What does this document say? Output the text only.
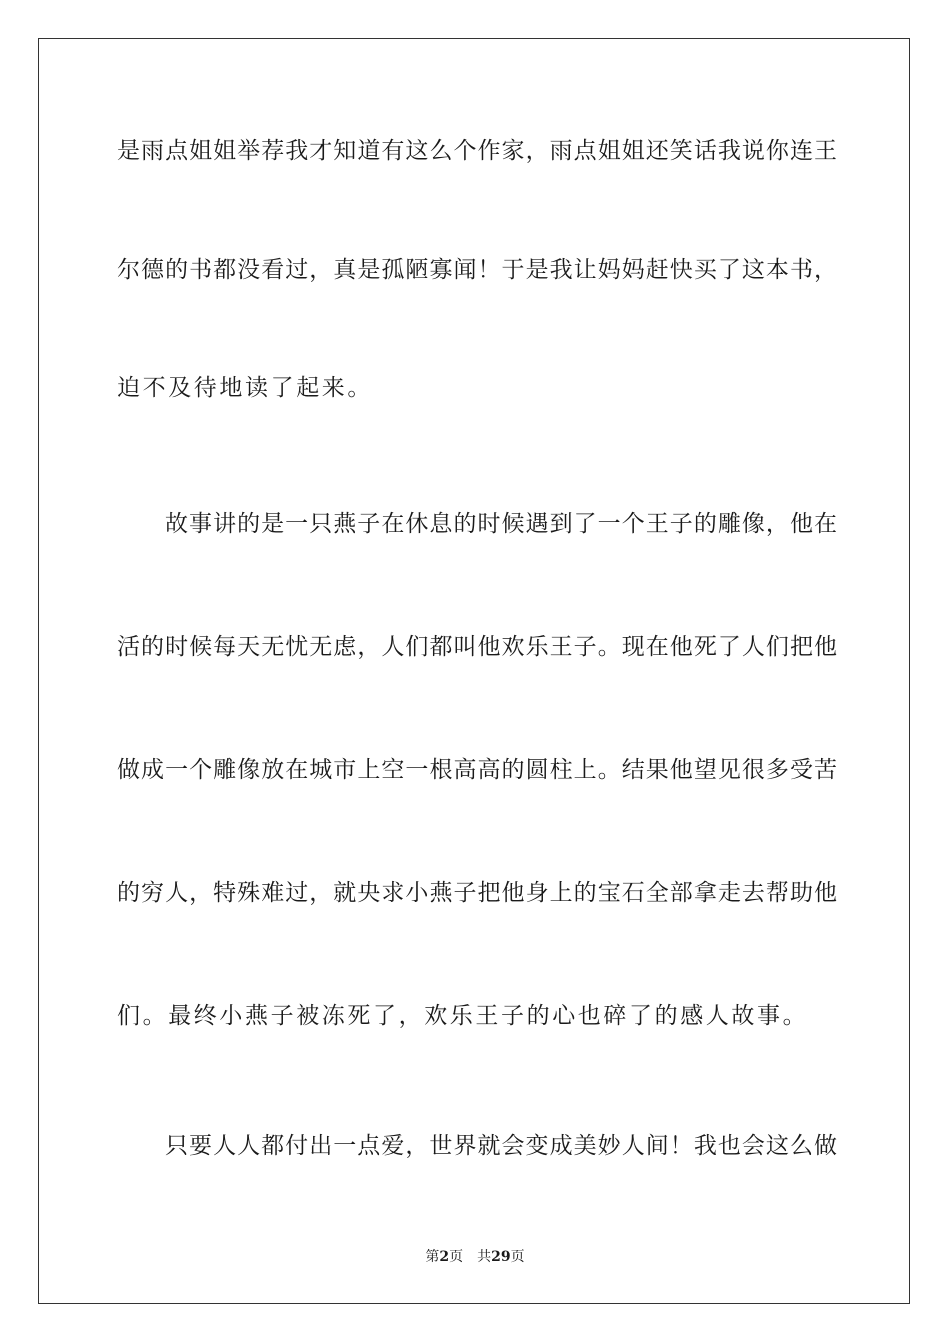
是雨点姐姐举荐我才知道有这么个作家，雨点姐姐还笑话我说你连王
尔德的书都没看过，真是孤陋寡闻！于是我让妈妈赶快买了这本书，
迫不及待地读了起来。
故事讲的是一只燕子在休息的时候遇到了一个王子的雕像，他在
活的时候每天无忧无虑，人们都叫他欢乐王子。现在他死了人们把他
做成一个雕像放在城市上空一根高高的圆柱上。结果他望见很多受苦
的穷人，特殊难过，就央求小燕子把他身上的宝石全部拿走去帮助他
们。最终小燕子被冻死了，欢乐王子的心也碎了的感人故事。
只要人人都付出一点爱，世界就会变成美妙人间！我也会这么做
第2页 共29页
